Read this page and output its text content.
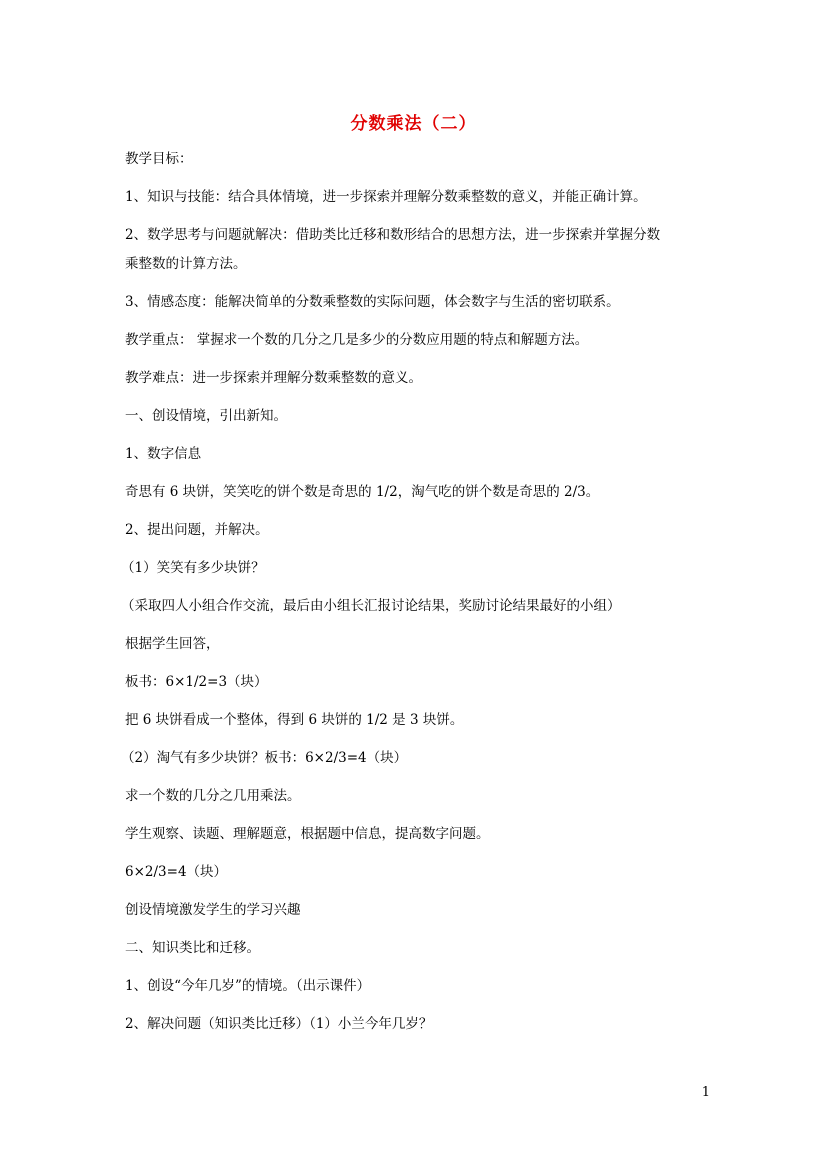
分数乘法（二）
教学目标：
1、知识与技能：结合具体情境，进一步探索并理解分数乘整数的意义，并能正确计算。
2、数学思考与问题就解决：借助类比迁移和数形结合的思想方法，进一步探索并掌握分数
乘整数的计算方法。
3、情感态度：能解决简单的分数乘整数的实际问题，体会数字与生活的密切联系。
教学重点： 掌握求一个数的几分之几是多少的分数应用题的特点和解题方法。
教学难点：进一步探索并理解分数乘整数的意义。
一、创设情境，引出新知。
1、数字信息
奇思有 6 块饼，笑笑吃的饼个数是奇思的 1/2，淘气吃的饼个数是奇思的 2/3。
2、提出问题，并解决。
（1）笑笑有多少块饼？
（采取四人小组合作交流，最后由小组长汇报讨论结果，奖励讨论结果最好的小组）
根据学生回答，
板书：6×1/2=3（块）
把 6 块饼看成一个整体，得到 6 块饼的 1/2 是 3 块饼。
（2）淘气有多少块饼？板书：6×2/3=4（块）
求一个数的几分之几用乘法。
学生观察、读题、理解题意，根据题中信息，提高数字问题。
6×2/3=4（块）
创设情境激发学生的学习兴趣
二、知识类比和迁移。
1、创设“今年几岁”的情境。（出示课件）
2、解决问题（知识类比迁移）（1）小兰今年几岁？
1
